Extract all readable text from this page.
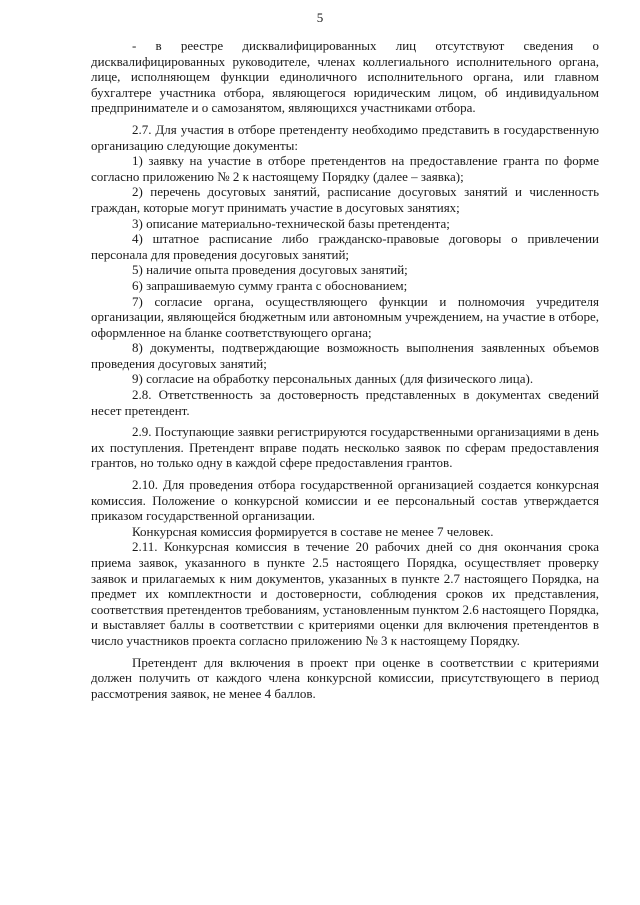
5

- в реестре дисквалифицированных лиц отсутствуют сведения о дисквалифицированных руководителе, членах коллегиального исполнительного органа, лице, исполняющем функции единоличного исполнительного органа, или главном бухгалтере участника отбора, являющегося юридическим лицом, об индивидуальном предпринимателе и о самозанятом, являющихся участниками отбора.

2.7. Для участия в отборе претенденту необходимо представить в государственную организацию следующие документы:

1) заявку на участие в отборе претендентов на предоставление гранта по форме согласно приложению № 2 к настоящему Порядку (далее – заявка);

2) перечень досуговых занятий, расписание досуговых занятий и численность граждан, которые могут принимать участие в досуговых занятиях;

3) описание материально-технической базы претендента;

4) штатное расписание либо гражданско-правовые договоры о привлечении персонала для проведения досуговых занятий;

5) наличие опыта проведения досуговых занятий;

6) запрашиваемую сумму гранта с обоснованием;

7) согласие органа, осуществляющего функции и полномочия учредителя организации, являющейся бюджетным или автономным учреждением, на участие в отборе, оформленное на бланке соответствующего органа;

8) документы, подтверждающие возможность выполнения заявленных объемов проведения досуговых занятий;

9) согласие на обработку персональных данных (для физического лица).

2.8. Ответственность за достоверность представленных в документах сведений несет претендент.

2.9. Поступающие заявки регистрируются государственными организациями в день их поступления. Претендент вправе подать несколько заявок по сферам предоставления грантов, но только одну в каждой сфере предоставления грантов.

2.10. Для проведения отбора государственной организацией создается конкурсная комиссия. Положение о конкурсной комиссии и ее персональный состав утверждается приказом государственной организации.

Конкурсная комиссия формируется в составе не менее 7 человек.

2.11. Конкурсная комиссия в течение 20 рабочих дней со дня окончания срока приема заявок, указанного в пункте 2.5 настоящего Порядка, осуществляет проверку заявок и прилагаемых к ним документов, указанных в пункте 2.7 настоящего Порядка, на предмет их комплектности и достоверности, соблюдения сроков их представления, соответствия претендентов требованиям, установленным пунктом 2.6 настоящего Порядка, и выставляет баллы в соответствии с критериями оценки для включения претендентов в число участников проекта согласно приложению № 3 к настоящему Порядку.

Претендент для включения в проект при оценке в соответствии с критериями должен получить от каждого члена конкурсной комиссии, присутствующего в период рассмотрения заявок, не менее 4 баллов.
